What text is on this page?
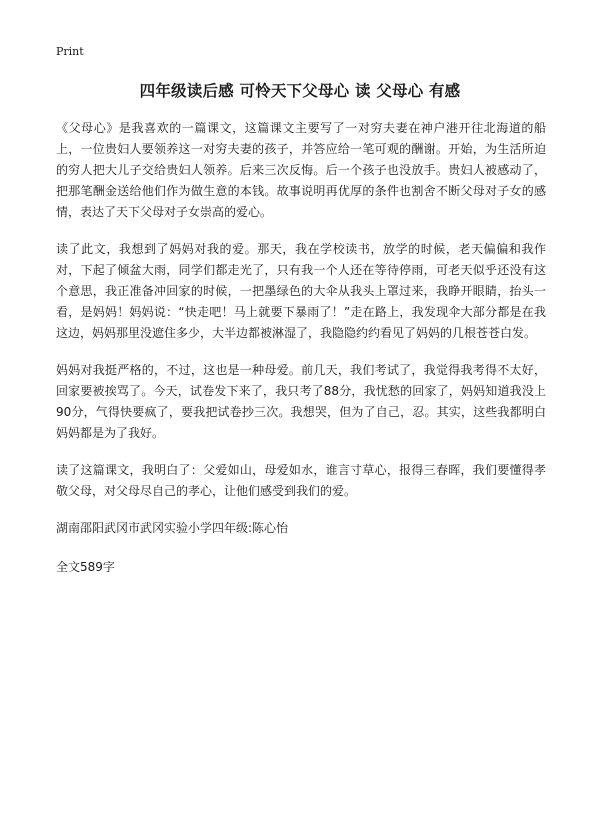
Print
四年级读后感 可怜天下父母心 读 父母心 有感

《父母心》是我喜欢的一篇课文，这篇课文主要写了一对穷夫妻在神户港开往北海道的船上，一位贵妇人要领养这一对穷夫妻的孩子，并答应给一笔可观的酬谢。开始，为生活所迫的穷人把大儿子交给贵妇人领养。后来三次反悔。后一个孩子也没放手。贵妇人被感动了，把那笔酬金送给他们作为做生意的本钱。故事说明再优厚的条件也割舍不断父母对子女的感情，表达了天下父母对子女崇高的爱心。

读了此文，我想到了妈妈对我的爱。那天，我在学校读书，放学的时候，老天偏偏和我作对，下起了倾盆大雨，同学们都走光了，只有我一个人还在等待停雨，可老天似乎还没有这个意思，我正准备冲回家的时候，一把墨绿色的大伞从我头上罩过来，我睁开眼睛，抬头一看，是妈妈！妈妈说：“快走吧！马上就要下暴雨了！”走在路上，我发现伞大部分都是在我这边，妈妈那里没遮住多少，大半边都被淋湿了，我隐隐约约看见了妈妈的几根苍苍白发。

妈妈对我挺严格的，不过，这也是一种母爱。前几天，我们考试了，我觉得我考得不太好，回家要被挨骂了。今天，试卷发下来了，我只考了88分，我忧愁的回家了，妈妈知道我没上90分，气得快要疯了，要我把试卷抄三次。我想哭，但为了自己，忍。其实，这些我都明白妈妈都是为了我好。

读了这篇课文，我明白了：父爱如山，母爱如水，谁言寸草心，报得三春晖，我们要懂得孝敬父母，对父母尽自己的孝心，让他们感受到我们的爱。

湖南邵阳武冈市武冈实验小学四年级:陈心怡

全文589字
